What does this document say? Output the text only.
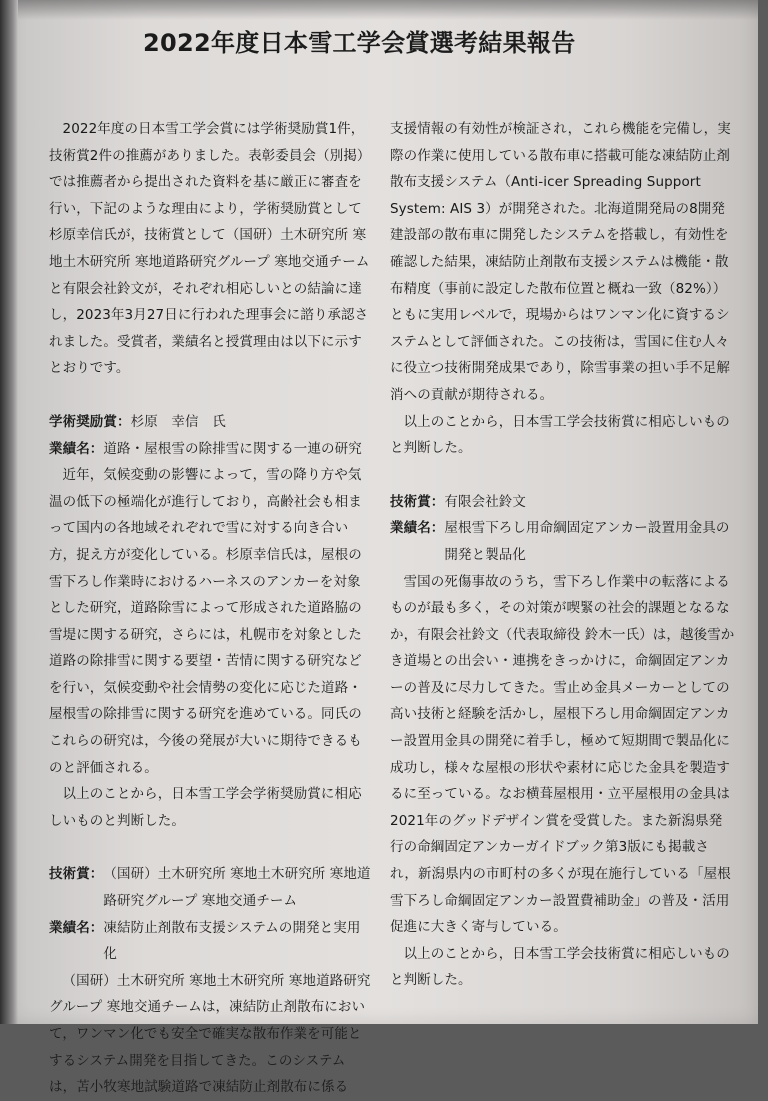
2022年度日本雪工学会賞選考結果報告

2022年度の日本雪工学会賞には学術奨励賞1件，技術賞2件の推薦がありました。表彰委員会（別掲）では推薦者から提出された資料を基に厳正に審査を行い，下記のような理由により，学術奨励賞として杉原幸信氏が，技術賞として（国研）土木研究所 寒地土木研究所 寒地道路研究グループ 寒地交通チームと有限会社鈴文が，それぞれ相応しいとの結論に達し，2023年3月27日に行われた理事会に諮り承認されました。受賞者，業績名と授賞理由は以下に示すとおりです。

学術奨励賞： 杉原　幸信　氏
業績名： 道路・屋根雪の除排雪に関する一連の研究

近年，気候変動の影響によって，雪の降り方や気温の低下の極端化が進行しており，高齢社会も相まって国内の各地域それぞれで雪に対する向き合い方，捉え方が変化している。杉原幸信氏は，屋根の雪下ろし作業時におけるハーネスのアンカーを対象とした研究，道路除雪によって形成された道路脇の雪堤に関する研究，さらには，札幌市を対象とした道路の除排雪に関する要望・苦情に関する研究などを行い，気候変動や社会情勢の変化に応じた道路・屋根雪の除排雪に関する研究を進めている。同氏のこれらの研究は，今後の発展が大いに期待できるものと評価される。

以上のことから，日本雪工学会学術奨励賞に相応しいものと判断した。

技術賞： （国研）土木研究所 寒地土木研究所 寒地道路研究グループ 寒地交通チーム
業績名： 凍結防止剤散布支援システムの開発と実用化

（国研）土木研究所 寒地土木研究所 寒地道路研究グループ 寒地交通チームは，凍結防止剤散布において，ワンマン化でも安全で確実な散布作業を可能とするシステム開発を目指してきた。このシステムは，苫小牧寒地試験道路で凍結防止剤散布に係る

支援情報の有効性が検証され，これら機能を完備し，実際の作業に使用している散布車に搭載可能な凍結防止剤散布支援システム（Anti-icer Spreading Support System: AIS 3）が開発された。北海道開発局の8開発建設部の散布車に開発したシステムを搭載し，有効性を確認した結果，凍結防止剤散布支援システムは機能・散布精度（事前に設定した散布位置と概ね一致（82%））ともに実用レベルで，現場からはワンマン化に資するシステムとして評価された。この技術は，雪国に住む人々に役立つ技術開発成果であり，除雪事業の担い手不足解消への貢献が期待される。

以上のことから，日本雪工学会技術賞に相応しいものと判断した。

技術賞： 有限会社鈴文
業績名： 屋根雪下ろし用命綱固定アンカー設置用金具の開発と製品化

雪国の死傷事故のうち，雪下ろし作業中の転落によるものが最も多く，その対策が喫緊の社会的課題となるなか，有限会社鈴文（代表取締役 鈴木一氏）は，越後雪かき道場との出会い・連携をきっかけに，命綱固定アンカーの普及に尽力してきた。雪止め金具メーカーとしての高い技術と経験を活かし，屋根下ろし用命綱固定アンカー設置用金具の開発に着手し，極めて短期間で製品化に成功し，様々な屋根の形状や素材に応じた金具を製造するに至っている。なお横葺屋根用・立平屋根用の金具は2021年のグッドデザイン賞を受賞した。また新潟県発行の命綱固定アンカーガイドブック第3版にも掲載され，新潟県内の市町村の多くが現在施行している「屋根雪下ろし命綱固定アンカー設置費補助金」の普及・活用促進に大きく寄与している。

以上のことから，日本雪工学会技術賞に相応しいものと判断した。
